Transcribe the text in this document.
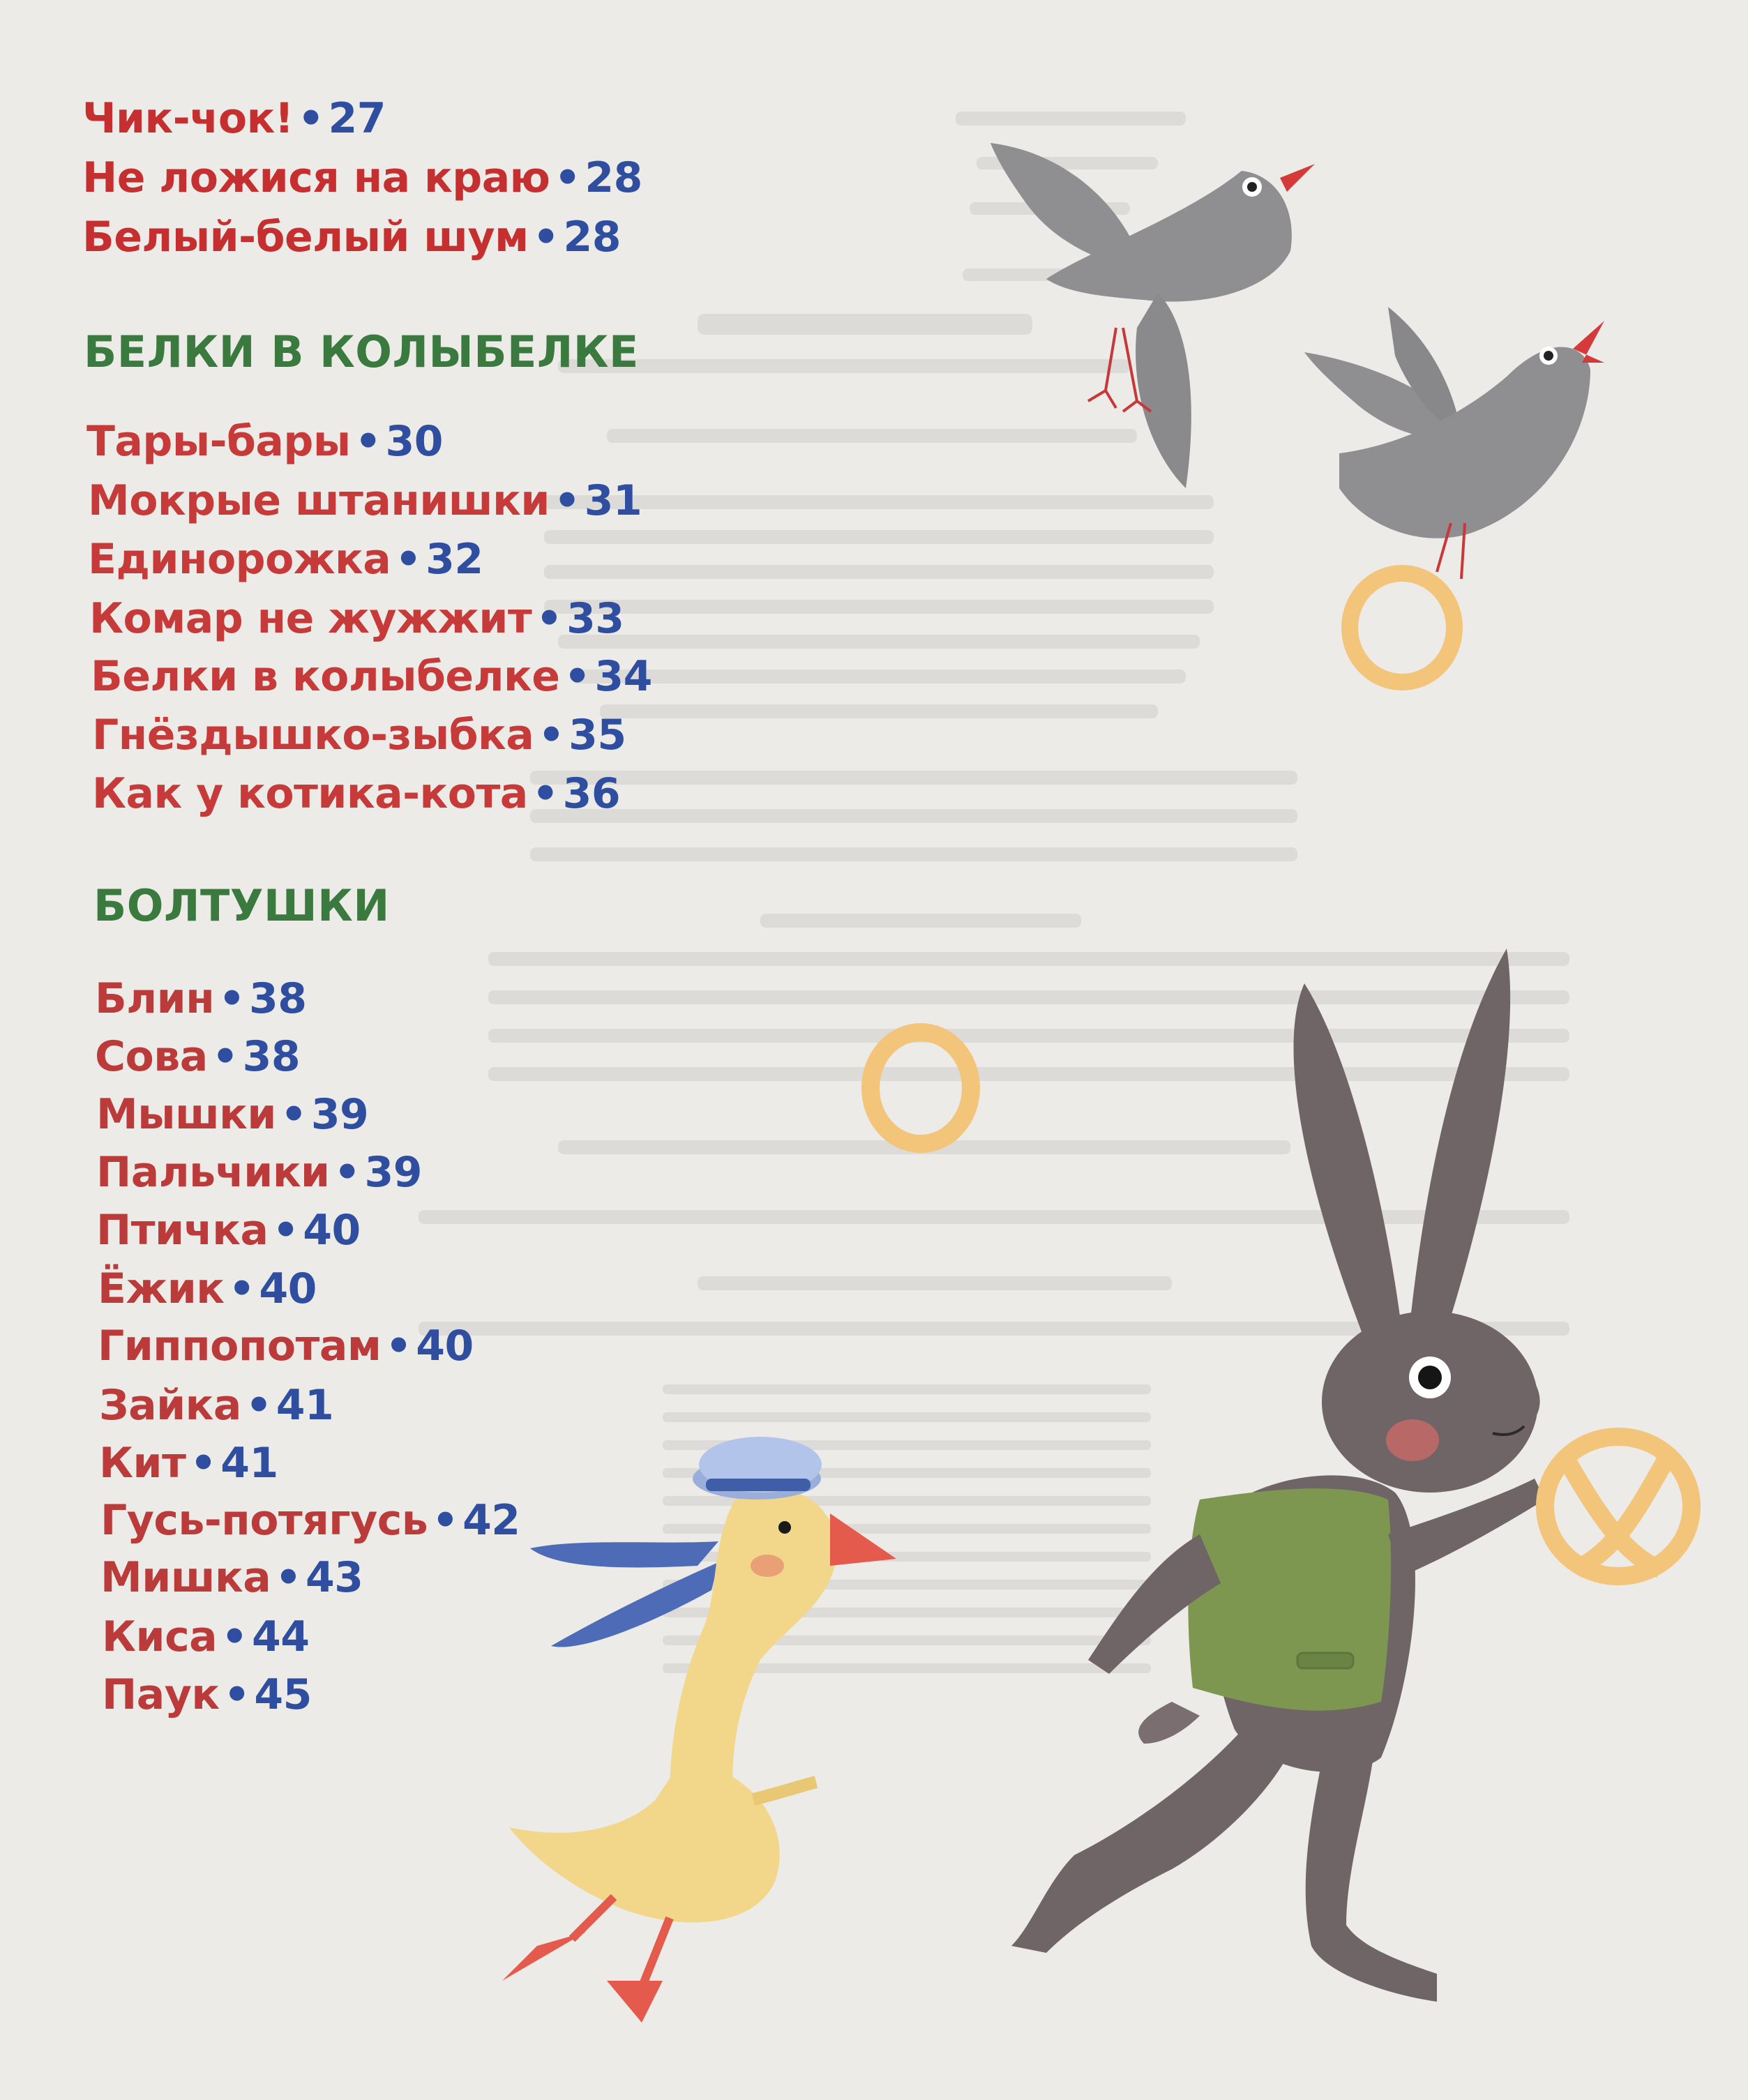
Чик-чок! • 27
Не ложися на краю • 28
Белый-белый шум • 28
БЕЛКИ В КОЛЫБЕЛКЕ
Тары-бары • 30
Мокрые штанишки • 31
Единорожка • 32
Комар не жужжит • 33
Белки в колыбелке • 34
Гнёздышко-зыбка • 35
Как у котика-кота • 36
БОЛТУШКИ
Блин • 38
Сова • 38
Мышки • 39
Пальчики • 39
Птичка • 40
Ёжик • 40
Гиппопотам • 40
Зайка • 41
Кит • 41
Гусь-потягусь • 42
Мишка • 43
Киса • 44
Паук • 45
